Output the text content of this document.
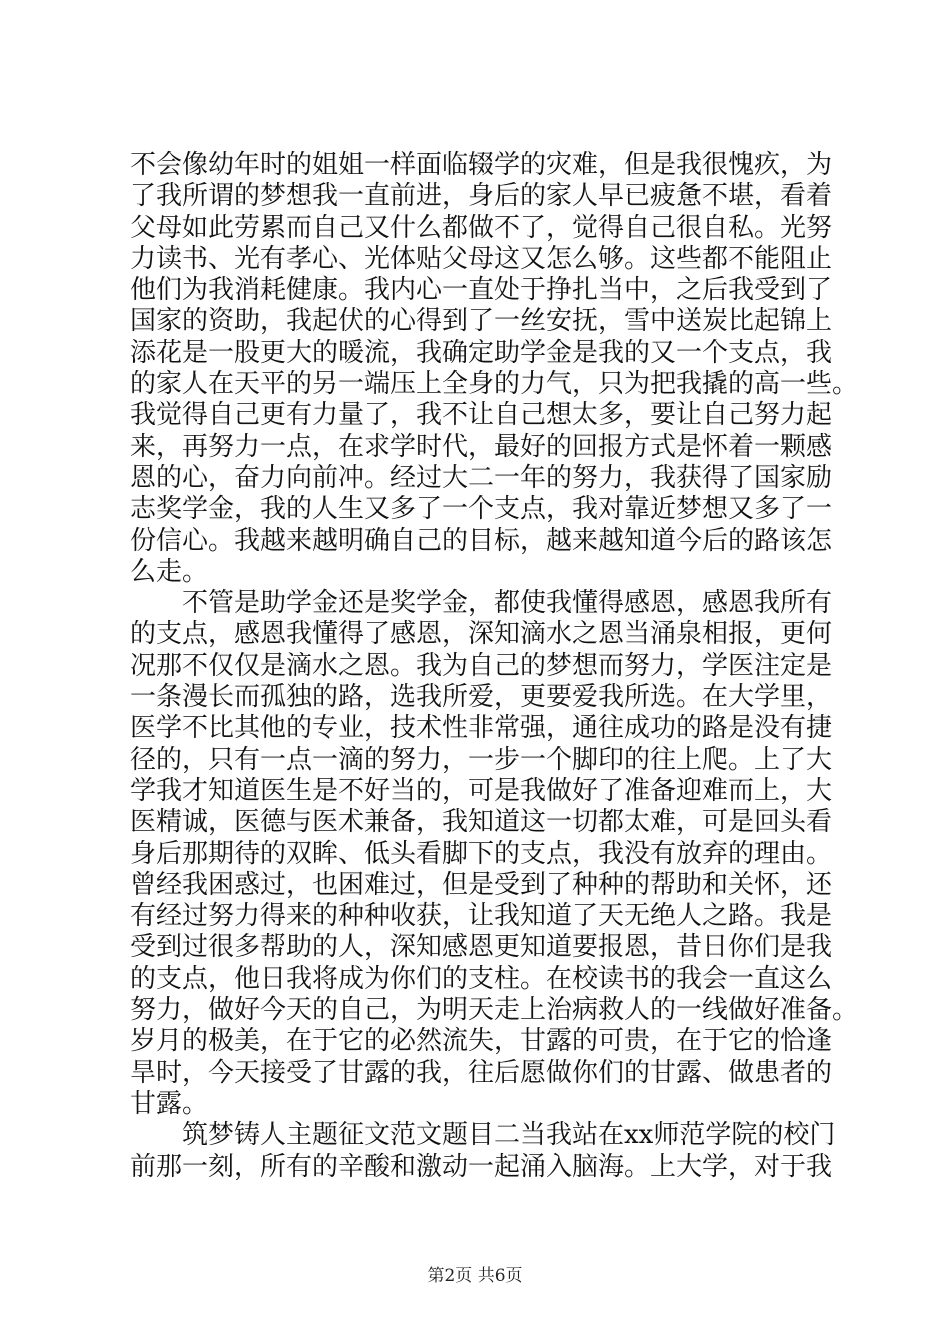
不会像幼年时的姐姐一样面临辍学的灾难，但是我很愧疚，为
了我所谓的梦想我一直前进，身后的家人早已疲惫不堪，看着
父母如此劳累而自己又什么都做不了，觉得自己很自私。光努
力读书、光有孝心、光体贴父母这又怎么够。这些都不能阻止
他们为我消耗健康。我内心一直处于挣扎当中，之后我受到了
国家的资助，我起伏的心得到了一丝安抚，雪中送炭比起锦上
添花是一股更大的暖流，我确定助学金是我的又一个支点，我
的家人在天平的另一端压上全身的力气，只为把我撬的高一些。
我觉得自己更有力量了，我不让自己想太多，要让自己努力起
来，再努力一点，在求学时代，最好的回报方式是怀着一颗感
恩的心，奋力向前冲。经过大二一年的努力，我获得了国家励
志奖学金，我的人生又多了一个支点，我对靠近梦想又多了一
份信心。我越来越明确自己的目标，越来越知道今后的路该怎
么走。
　　不管是助学金还是奖学金，都使我懂得感恩，感恩我所有
的支点，感恩我懂得了感恩，深知滴水之恩当涌泉相报，更何
况那不仅仅是滴水之恩。我为自己的梦想而努力，学医注定是
一条漫长而孤独的路，选我所爱，更要爱我所选。在大学里，
医学不比其他的专业，技术性非常强，通往成功的路是没有捷
径的，只有一点一滴的努力，一步一个脚印的往上爬。上了大
学我才知道医生是不好当的，可是我做好了准备迎难而上，大
医精诚，医德与医术兼备，我知道这一切都太难，可是回头看
身后那期待的双眸、低头看脚下的支点，我没有放弃的理由。
曾经我困惑过，也困难过，但是受到了种种的帮助和关怀，还
有经过努力得来的种种收获，让我知道了天无绝人之路。我是
受到过很多帮助的人，深知感恩更知道要报恩，昔日你们是我
的支点，他日我将成为你们的支柱。在校读书的我会一直这么
努力，做好今天的自己，为明天走上治病救人的一线做好准备。
岁月的极美，在于它的必然流失，甘露的可贵，在于它的恰逢
旱时，今天接受了甘露的我，往后愿做你们的甘露、做患者的
甘露。
　　筑梦铸人主题征文范文题目二当我站在xx师范学院的校门
前那一刻，所有的辛酸和激动一起涌入脑海。上大学，对于我
第2页 共6页
